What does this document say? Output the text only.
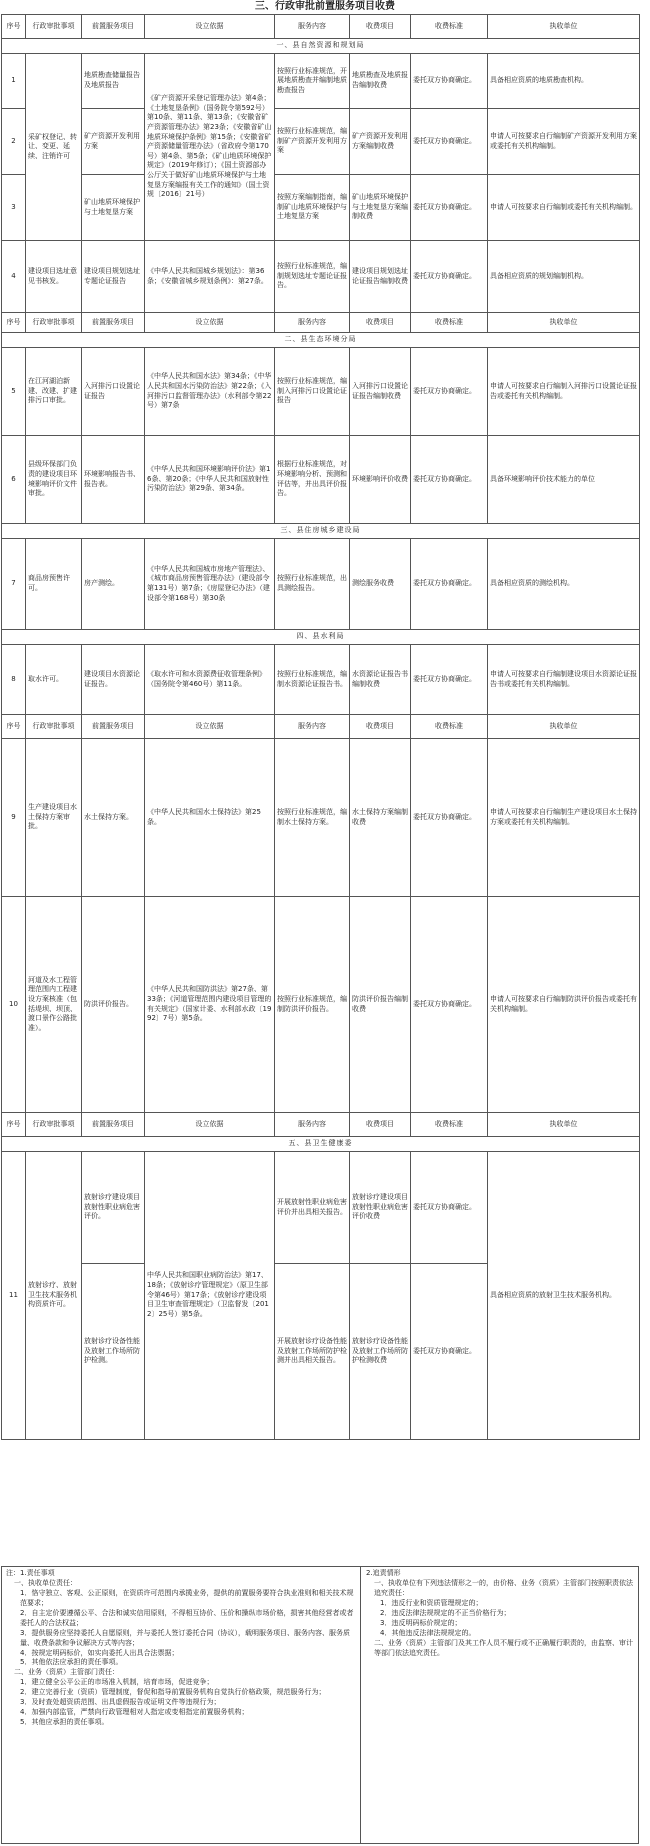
三、行政审批前置服务项目收费
序号	行政审批事项	前置服务项目	设立依据	服务内容	收费项目	收费标准	执收单位
一、县自然资源和规划局							
1	采矿权登记、转让、变更、延续、注销许可	地质勘查储量报告及地质报告	《矿产资源开采登记管理办法》第4条；《土地复垦条例》（国务院令第592号）第10条、第11条、第13条；《安徽省矿产资源管理办法》第23条；《安徽省矿山地质环境保护条例》第15条；《安徽省矿产资源储量管理办法》（省政府令第170号）第4条、第5条；《矿山地质环境保护规定》（2019年修订）；《国土资源部办公厅关于做好矿山地质环境保护与土地复垦方案编报有关工作的通知》（国土资规〔2016〕21号）	按照行业标准规范，开展地质勘查并编制地质勘查报告	地质勘查及地质报告编制收费	委托双方协商确定。	具备相应资质的地质勘查机构。
2		矿产资源开发利用方案		按照行业标准规范，编制矿产资源开发利用方案	矿产资源开发利用方案编制收费	委托双方协商确定。	申请人可按要求自行编制矿产资源开发利用方案或委托有关机构编制。
3		矿山地质环境保护与土地复垦方案		按照方案编制指南，编制矿山地质环境保护与土地复垦方案	矿山地质环境保护与土地复垦方案编制收费	委托双方协商确定。	申请人可按要求自行编制或委托有关机构编制。
4	建设项目选址意见书核发。	建设项目规划选址专题论证报告	《中华人民共和国城乡规划法》：第36条；《安徽省城乡规划条例》：第27条。	按照行业标准规范，编制规划选址专题论证报告。	建设项目规划选址论证报告编制收费	委托双方协商确定。	具备相应资质的规划编制机构。
序号	行政审批事项	前置服务项目	设立依据	服务内容	收费项目	收费标准	执收单位
二、县生态环境分局							
5	在江河湖泊新建、改建、扩建排污口审批。	入河排污口设置论证报告	《中华人民共和国水法》第34条；《中华人民共和国水污染防治法》第22条；《入河排污口监督管理办法》（水利部令第22号）第7条	按照行业标准规范，编制入河排污口设置论证报告	入河排污口设置论证报告编制收费	委托双方协商确定。	申请人可按要求自行编制入河排污口设置论证报告或委托有关机构编制。
6	县级环保部门负责的建设项目环境影响评价文件审批。	环境影响报告书、报告表。	《中华人民共和国环境影响评价法》第16条、第20条；《中华人民共和国放射性污染防治法》第29条、第34条。	根据行业标准规范，对环境影响分析、预测和评估等，并出具评价报告。	环境影响评价收费	委托双方协商确定。	具备环境影响评价技术能力的单位
三、县住房城乡建设局							
7	商品房预售许可。	房产测绘。	《中华人民共和国城市房地产管理法》、《城市商品房预售管理办法》（建设部令第131号）第7条；《房屋登记办法》（建设部令第168号）第30条	按照行业标准规范，出具测绘报告。	测绘服务收费	委托双方协商确定。	具备相应资质的测绘机构。
四、县水利局							
8	取水许可。	建设项目水资源论证报告。	《取水许可和水资源费征收管理条例》（国务院令第460号）第11条。	按照行业标准规范，编制水资源论证报告书。	水资源论证报告书编制收费	委托双方协商确定。	申请人可按要求自行编制建设项目水资源论证报告书或委托有关机构编制。
序号	行政审批事项	前置服务项目	设立依据	服务内容	收费项目	收费标准	执收单位
9	生产建设项目水土保持方案审批。	水土保持方案。	《中华人民共和国水土保持法》第25条。	按照行业标准规范，编制水土保持方案。	水土保持方案编制收费	委托双方协商确定。	申请人可按要求自行编制生产建设项目水土保持方案或委托有关机构编制。
10	河道及水工程管理范围内工程建设方案核准（包括堤坝、坝顶、渡口景作公路批准）。	防洪评价报告。	《中华人民共和国防洪法》第27条、第33条；《河道管理范围内建设项目管理的有关规定》（国家计委、水利部水政〔1992〕7号）第5条。	按照行业标准规范，编制防洪评价报告。	防洪评价报告编制收费	委托双方协商确定。	申请人可按要求自行编制防洪评价报告或委托有关机构编制。
序号	行政审批事项	前置服务项目	设立依据	服务内容	收费项目	收费标准	执收单位
五、县卫生健康委							
11	放射诊疗、放射卫生技术服务机构资质许可。	放射诊疗建设项目放射性职业病危害评价。	中华人民共和国职业病防治法》第17、18条；《放射诊疗管理规定》（原卫生部令第46号）第17条；《放射诊疗建设项目卫生审查管理规定》（卫监督发〔2012〕25号）第5条。	开展放射性职业病危害评价并出具相关报告。	放射诊疗建设项目放射性职业病危害评价收费	委托双方协商确定。	具备相应资质的放射卫生技术服务机构。
		放射诊疗设备性能及放射工作场所防护检测。		开展放射诊疗设备性能及放射工作场所防护检测并出具相关报告。	放射诊疗设备性能及放射工作场所防护检测收费	委托双方协商确定。	
注：1.责任事项
一、执收单位责任：
1．恪守独立、客观、公正原则，在资质许可范围内承揽业务，提供的前置服务要符合执业准则和相关技术规范要求；
2．自主定价要遵循公平、合法和诚实信用原则，不得相互协价、压价和操纵市场价格，损害其他经营者或者委托人的合法权益；
3．提供服务应坚持委托人自愿原则，并与委托人签订委托合同（协议），载明服务项目、服务内容、服务质量、收费条款和争议解决方式等内容；
4．按规定明码标价，如实向委托人出具合法票据；
5．其他依法应承担的责任事项。
二、业务（资质）主管部门责任：
1．建立健全公平公正的市场准入机制，培育市场，促进竞争；
2．建立完善行业（资质）管理制度，督促和指导前置服务机构自觉执行价格政策，规范服务行为；
3．及时查处超资质范围、出具虚假报告或证明文件等违规行为；
4．加强内部监管，严禁向行政管理相对人指定或变相指定前置服务机构；
5．其他应承担的责任事项。
2.追责情形
一、执收单位有下列违法情形之一的，由价格、业务（资质）主管部门按照职责依法追究责任：
1．违反行业和资质管理规定的；
2．违反法律法规规定的不正当价格行为；
3．违反明码标价规定的；
4．其他违反法律法规规定的。
二、业务（资质）主管部门及其工作人员不履行或不正确履行职责的，由监察、审计等部门依法追究责任。
